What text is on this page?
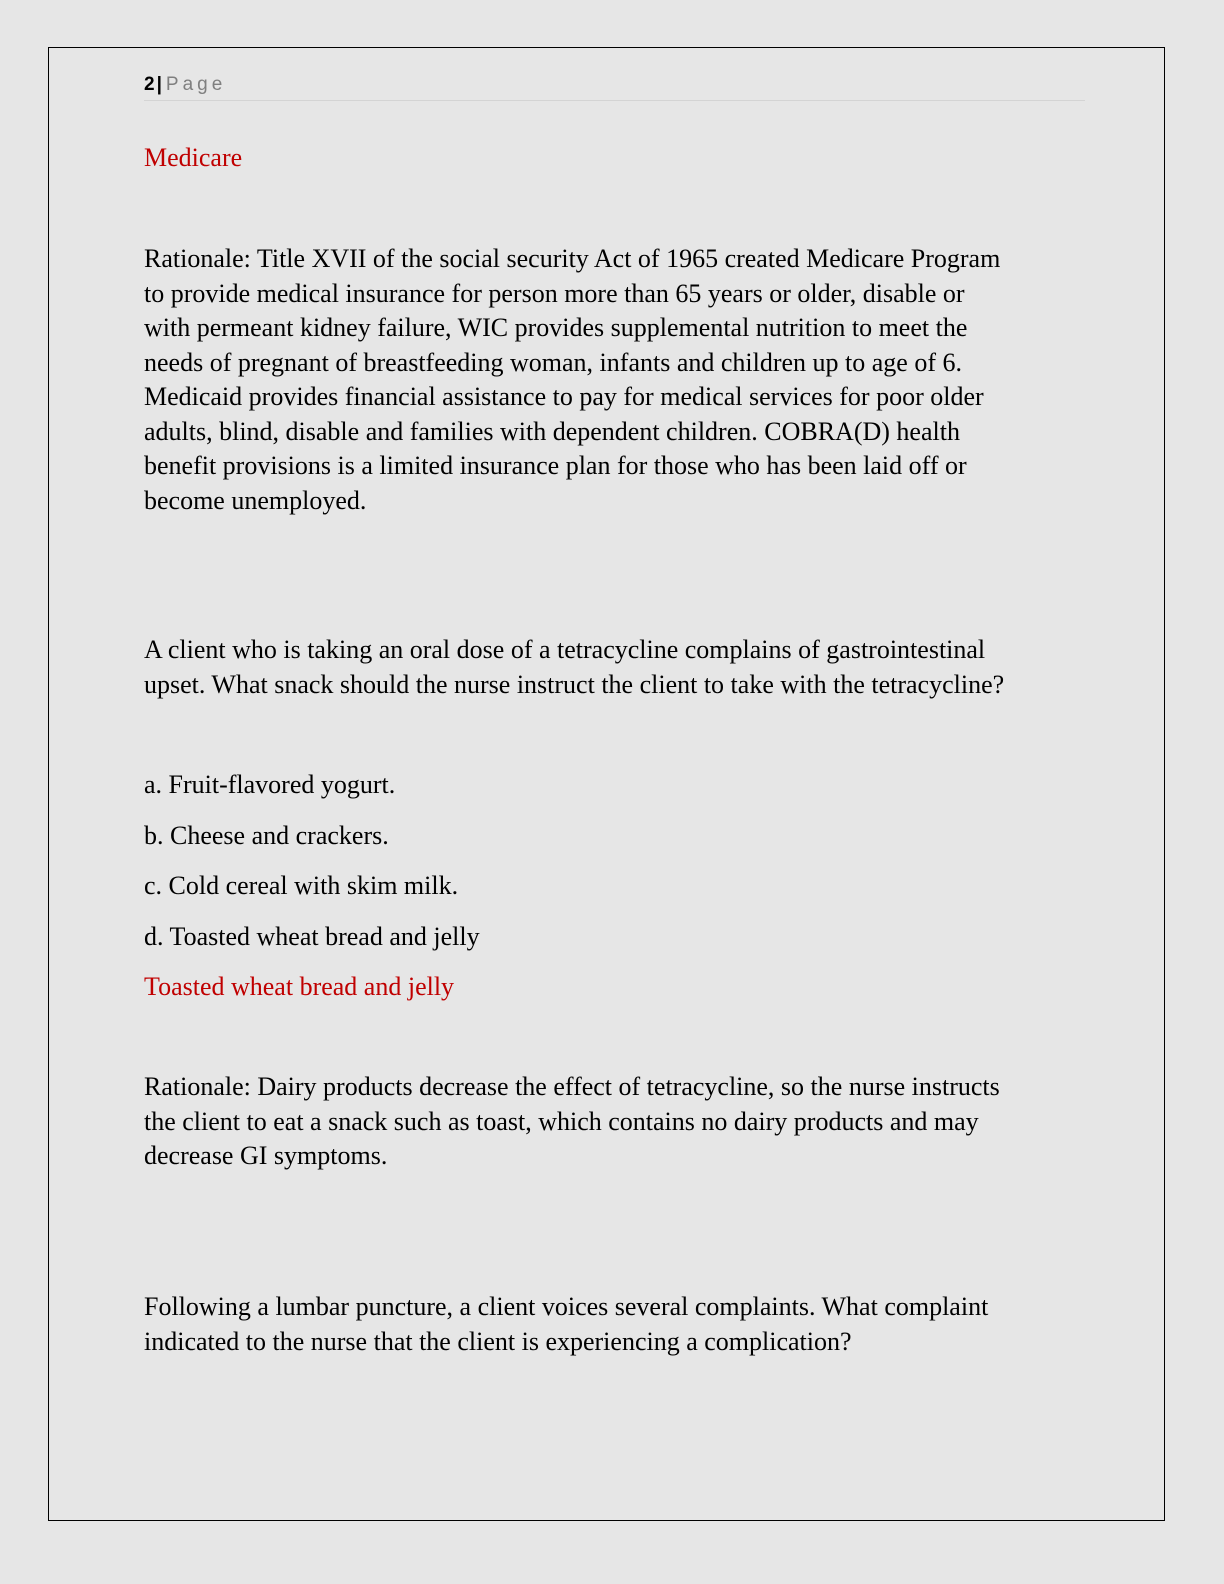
2 | Page

Medicare

Rationale: Title XVII of the social security Act of 1965 created Medicare Program

to provide medical insurance for person more than 65 years or older, disable or

with permeant kidney failure, WIC provides supplemental nutrition to meet the

needs of pregnant of breastfeeding woman, infants and children up to age of 6.

Medicaid provides financial assistance to pay for medical services for poor older

adults, blind, disable and families with dependent children. COBRA(D) health

benefit provisions is a limited insurance plan for those who has been laid off or

become unemployed.

A client who is taking an oral dose of a tetracycline complains of gastrointestinal

upset. What snack should the nurse instruct the client to take with the tetracycline?

a. Fruit-flavored yogurt.

b. Cheese and crackers.

c. Cold cereal with skim milk.

d. Toasted wheat bread and jelly

Toasted wheat bread and jelly

Rationale: Dairy products decrease the effect of tetracycline, so the nurse instructs

the client to eat a snack such as toast, which contains no dairy products and may

decrease GI symptoms.

Following a lumbar puncture, a client voices several complaints. What complaint

indicated to the nurse that the client is experiencing a complication?
